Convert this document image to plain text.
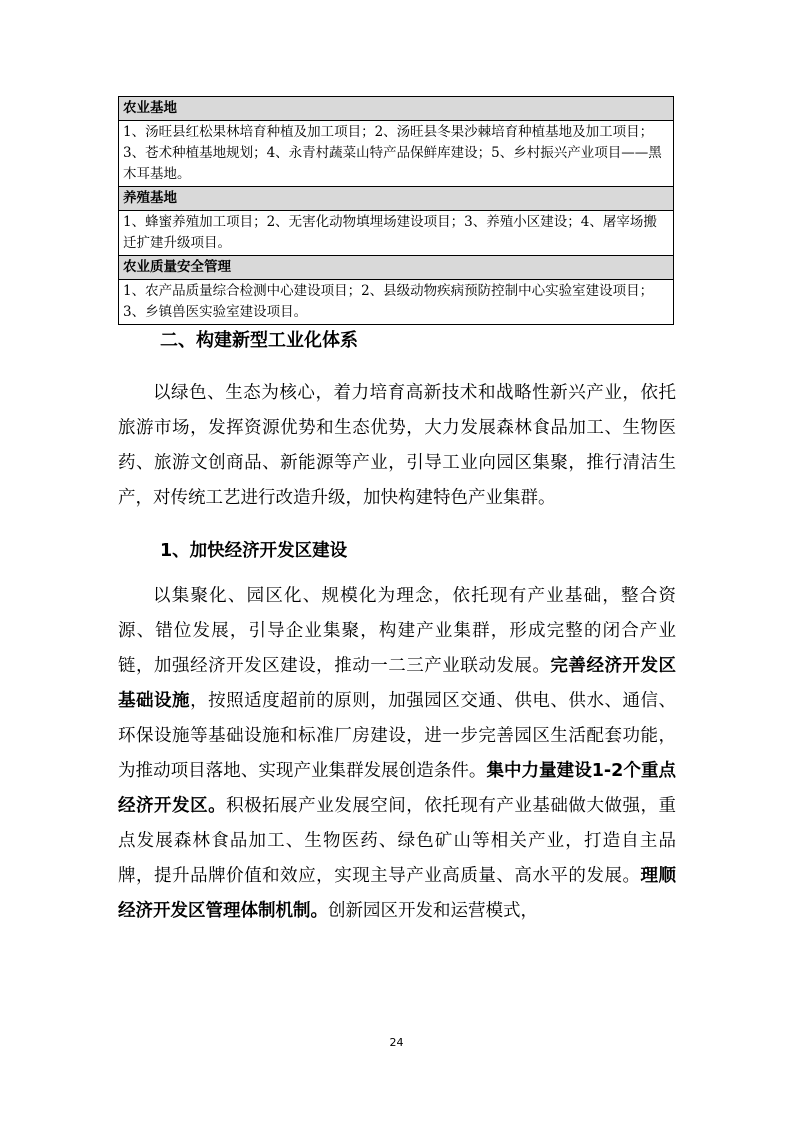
农业基地
1、汤旺县红松果林培育种植及加工项目；2、汤旺县冬果沙棘培育种植基地及加工项目；3、苍术种植基地规划；4、永青村蔬菜山特产品保鲜库建设；5、乡村振兴产业项目——黑木耳基地。
养殖基地
1、蜂蜜养殖加工项目；2、无害化动物填埋场建设项目；3、养殖小区建设；4、屠宰场搬迁扩建升级项目。
农业质量安全管理
1、农产品质量综合检测中心建设项目；2、县级动物疾病预防控制中心实验室建设项目；3、乡镇兽医实验室建设项目。
二、构建新型工业化体系

以绿色、生态为核心，着力培育高新技术和战略性新兴产业，依托旅游市场，发挥资源优势和生态优势，大力发展森林食品加工、生物医药、旅游文创商品、新能源等产业，引导工业向园区集聚，推行清洁生产，对传统工艺进行改造升级，加快构建特色产业集群。

1、加快经济开发区建设

以集聚化、园区化、规模化为理念，依托现有产业基础，整合资源、错位发展，引导企业集聚，构建产业集群，形成完整的闭合产业链，加强经济开发区建设，推动一二三产业联动发展。完善经济开发区基础设施，按照适度超前的原则，加强园区交通、供电、供水、通信、环保设施等基础设施和标准厂房建设，进一步完善园区生活配套功能，为推动项目落地、实现产业集群发展创造条件。集中力量建设1-2个重点经济开发区。积极拓展产业发展空间，依托现有产业基础做大做强，重点发展森林食品加工、生物医药、绿色矿山等相关产业，打造自主品牌，提升品牌价值和效应，实现主导产业高质量、高水平的发展。理顺经济开发区管理体制机制。创新园区开发和运营模式，

24
